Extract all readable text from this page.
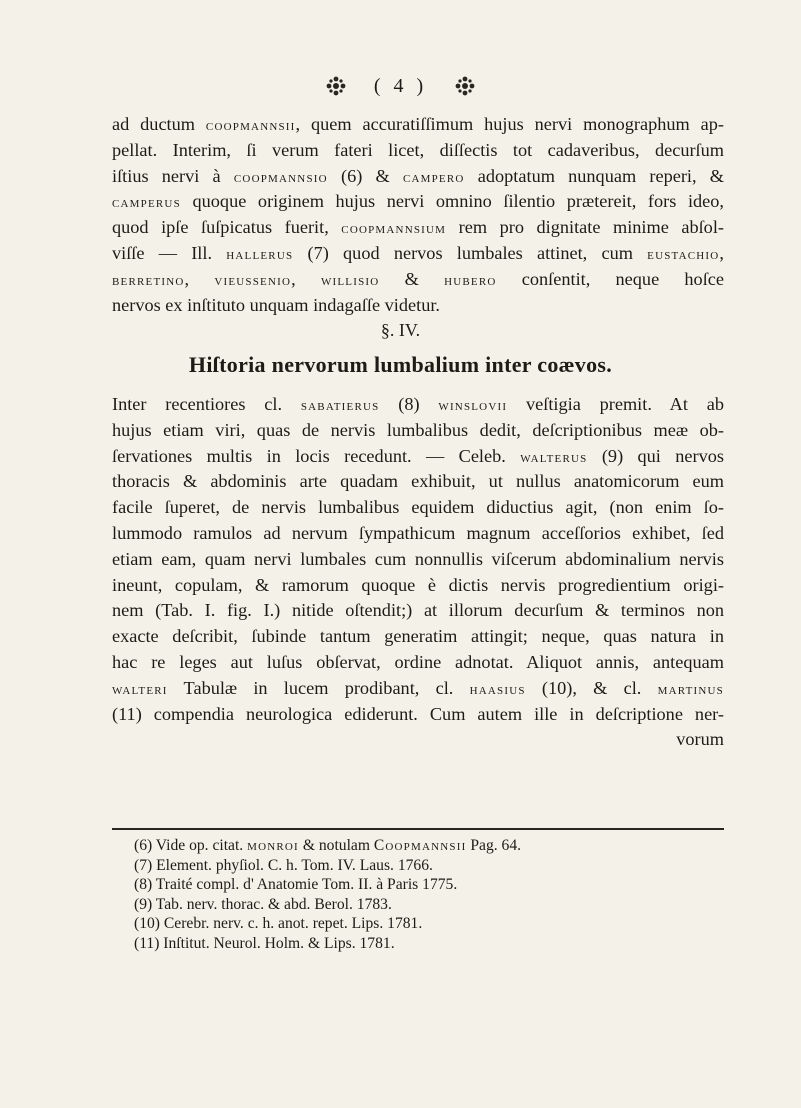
( 4 )
ad ductum coopmannsii, quem accuratiſſimum hujus nervi monographum ap-
pellat. Interim, ſi verum fateri licet, diſſectis tot cadaveribus, decurſum
iſtius nervi à coopmannsio (6) & campero adoptatum nunquam reperi, &
camperus quoque originem hujus nervi omnino ſilentio prætereit, fors ideo,
quod ipſe ſuſpicatus fuerit, coopmannsium rem pro dignitate minime abſol-
viſſe — Ill. hallerus (7) quod nervos lumbales attinet, cum eustachio,
berretino, vieussenio, willisio & hubero conſentit, neque hoſce
nervos ex inſtituto unquam indagaſſe videtur.
§. IV.
Hiſtoria nervorum lumbalium inter coævos.
Inter recentiores cl. sabatierus (8) winslovii veſtigia premit. At ab
hujus etiam viri, quas de nervis lumbalibus dedit, deſcriptionibus meæ ob-
ſervationes multis in locis recedunt. — Celeb. walterus (9) qui nervos
thoracis & abdominis arte quadam exhibuit, ut nullus anatomicorum eum
facile ſuperet, de nervis lumbalibus equidem diductius agit, (non enim ſo-
lummodo ramulos ad nervum ſympathicum magnum acceſſorios exhibet, ſed
etiam eam, quam nervi lumbales cum nonnullis viſcerum abdominalium nervis
ineunt, copulam, & ramorum quoque è dictis nervis progredientium origi-
nem (Tab. I. fig. I.) nitide oſtendit;) at illorum decurſum & terminos non
exacte deſcribit, ſubinde tantum generatim attingit; neque, quas natura in
hac re leges aut luſus obſervat, ordine adnotat. Aliquot annis, antequam
walteri Tabulæ in lucem prodibant, cl. haasius (10), & cl. martinus
(11) compendia neurologica ediderunt. Cum autem ille in deſcriptione ner-
vorum
(6) Vide op. citat. monroi & notulam Coopmannsii Pag. 64.
(7) Element. phyſiol. C. h. Tom. IV. Laus. 1766.
(8) Traité compl. d' Anatomie Tom. II. à Paris 1775.
(9) Tab. nerv. thorac. & abd. Berol. 1783.
(10) Cerebr. nerv. c. h. anot. repet. Lips. 1781.
(11) Inſtitut. Neurol. Holm. & Lips. 1781.
